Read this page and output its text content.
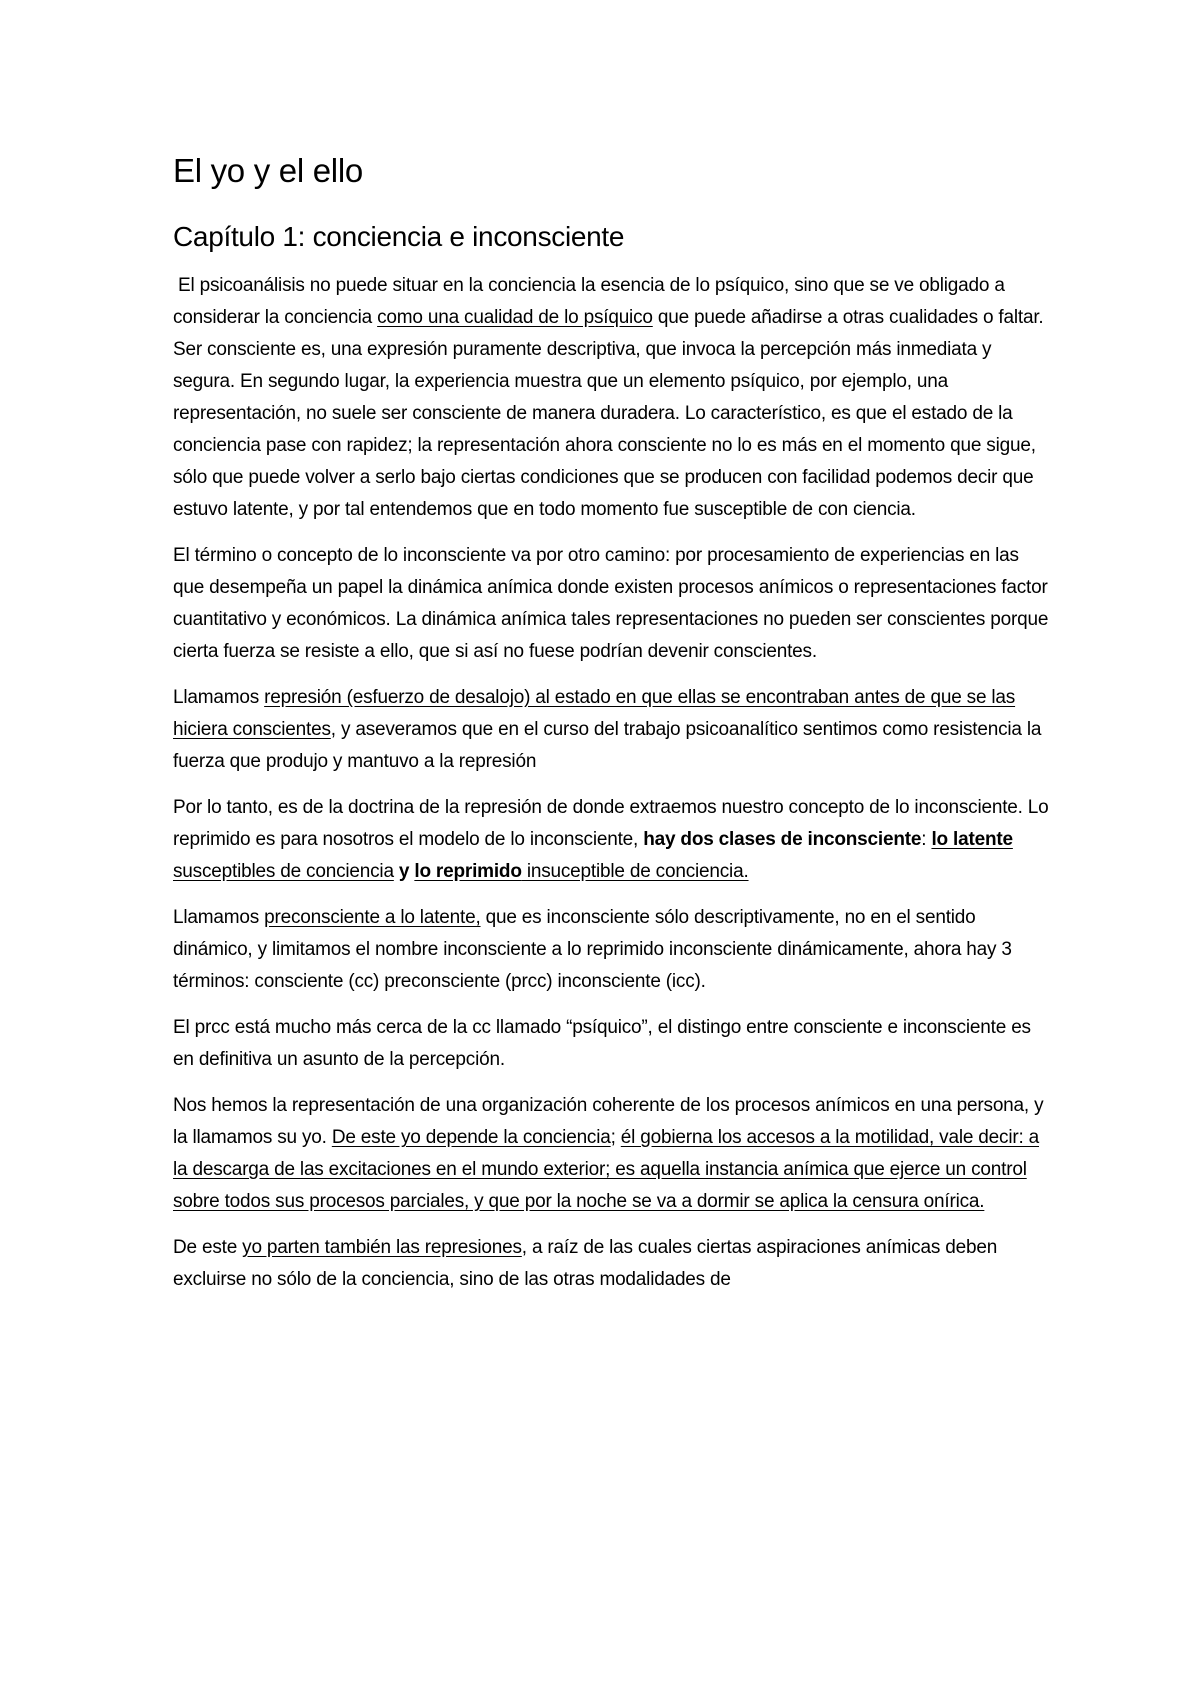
El yo y el ello
Capítulo 1: conciencia e inconsciente

El psicoanálisis no puede situar en la conciencia la esencia de lo psíquico, sino que se ve obligado a considerar la conciencia como una cualidad de lo psíquico que puede añadirse a otras cualidades o faltar. Ser consciente es, una expresión puramente descriptiva, que invoca la percepción más inmediata y segura. En segundo lugar, la experiencia muestra que un elemento psíquico, por ejemplo, una representación, no suele ser consciente de manera duradera. Lo característico, es que el estado de la conciencia pase con rapidez; la representación ahora consciente no lo es más en el momento que sigue, sólo que puede volver a serlo bajo ciertas condiciones que se producen con facilidad podemos decir que estuvo latente, y por tal entendemos que en todo momento fue susceptible de con ciencia.

El término o concepto de lo inconsciente va por otro camino: por procesamiento de experiencias en las que desempeña un papel la dinámica anímica donde existen procesos anímicos o representaciones factor cuantitativo y económicos. La dinámica anímica tales representaciones no pueden ser conscientes porque cierta fuerza se resiste a ello, que si así no fuese podrían devenir conscientes.

Llamamos represión (esfuerzo de desalojo) al estado en que ellas se encontraban antes de que se las hiciera conscientes, y aseveramos que en el curso del trabajo psicoanalítico sentimos como resistencia la fuerza que produjo y mantuvo a la represión

Por lo tanto, es de la doctrina de la represión de donde extraemos nuestro concepto de lo inconsciente. Lo reprimido es para nosotros el modelo de lo inconsciente, hay dos clases de inconsciente: lo latente susceptibles de conciencia y lo reprimido insuceptible de conciencia.

Llamamos preconsciente a lo latente, que es inconsciente sólo descriptivamente, no en el sentido dinámico, y limitamos el nombre inconsciente a lo reprimido inconsciente dinámicamente, ahora hay 3 términos: consciente (cc) preconsciente (prcc) inconsciente (icc).

El prcc está mucho más cerca de la cc llamado “psíquico”, el distingo entre consciente e inconsciente es en definitiva un asunto de la percepción.

Nos hemos la representación de una organización coherente de los procesos anímicos en una persona, y la llamamos su yo. De este yo depende la conciencia; él gobierna los accesos a la motilidad, vale decir: a la descarga de las excitaciones en el mundo exterior; es aquella instancia anímica que ejerce un control sobre todos sus procesos parciales, y que por la noche se va a dormir se aplica la censura onírica.

De este yo parten también las represiones, a raíz de las cuales ciertas aspiraciones anímicas deben excluirse no sólo de la conciencia, sino de las otras modalidades de
